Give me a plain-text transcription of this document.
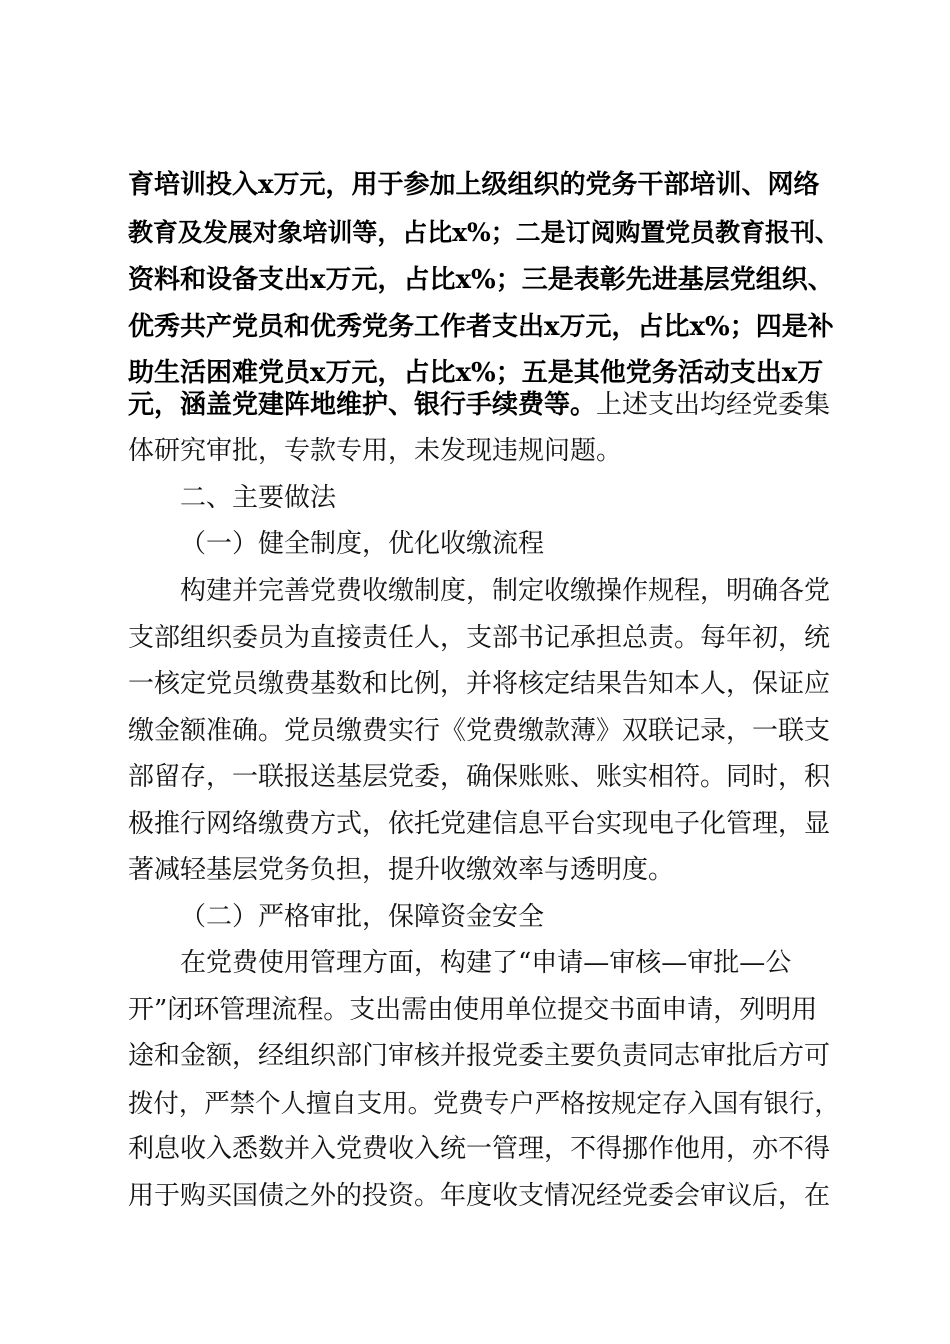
育培训投入x万元，用于参加上级组织的党务干部培训、网络
教育及发展对象培训等，占比x%；二是订阅购置党员教育报刊、
资料和设备支出x万元，占比x%；三是表彰先进基层党组织、
优秀共产党员和优秀党务工作者支出x万元，占比x%；四是补
助生活困难党员x万元，占比x%；五是其他党务活动支出x万
元，涵盖党建阵地维护、银行手续费等。上述支出均经党委集
体研究审批，专款专用，未发现违规问题。
二、主要做法
（一）健全制度，优化收缴流程
构建并完善党费收缴制度，制定收缴操作规程，明确各党
支部组织委员为直接责任人，支部书记承担总责。每年初，统
一核定党员缴费基数和比例，并将核定结果告知本人，保证应
缴金额准确。党员缴费实行《党费缴款薄》双联记录，一联支
部留存，一联报送基层党委，确保账账、账实相符。同时，积
极推行网络缴费方式，依托党建信息平台实现电子化管理，显
著减轻基层党务负担，提升收缴效率与透明度。
（二）严格审批，保障资金安全
在党费使用管理方面，构建了“申请—审核—审批—公
开”闭环管理流程。支出需由使用单位提交书面申请，列明用
途和金额，经组织部门审核并报党委主要负责同志审批后方可
拨付，严禁个人擅自支用。党费专户严格按规定存入国有银行，
利息收入悉数并入党费收入统一管理，不得挪作他用，亦不得
用于购买国债之外的投资。年度收支情况经党委会审议后，在
